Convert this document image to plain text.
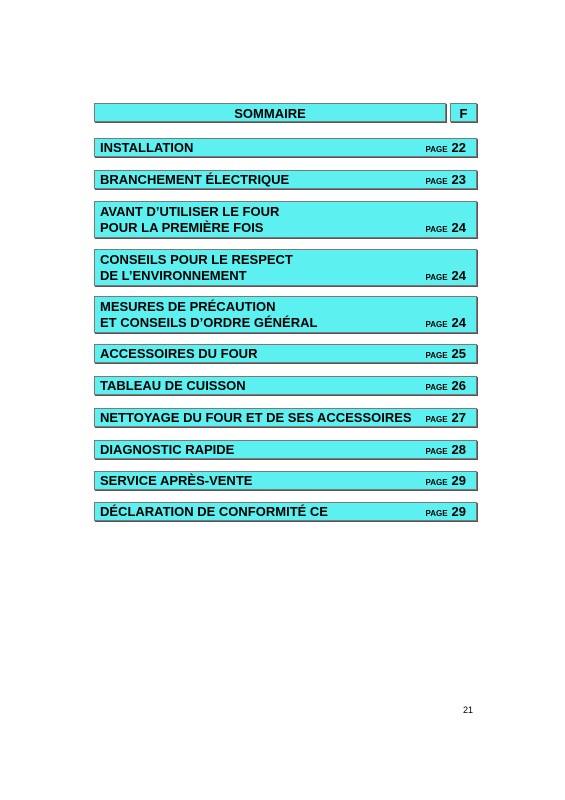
SOMMAIRE	F
INSTALLATION	PAGE 22
BRANCHEMENT ÉLECTRIQUE	PAGE 23
AVANT D’UTILISER LE FOUR
POUR LA PREMIÈRE FOIS	PAGE 24
CONSEILS POUR LE RESPECT
DE L’ENVIRONNEMENT	PAGE 24
MESURES DE PRÉCAUTION
ET CONSEILS D’ORDRE GÉNÉRAL	PAGE 24
ACCESSOIRES DU FOUR	PAGE 25
TABLEAU DE CUISSON	PAGE 26
NETTOYAGE DU FOUR ET DE SES ACCESSOIRES PAGE 27
DIAGNOSTIC RAPIDE	PAGE 28
SERVICE APRÈS-VENTE	PAGE 29
DÉCLARATION DE CONFORMITÉ CE	PAGE 29
21
